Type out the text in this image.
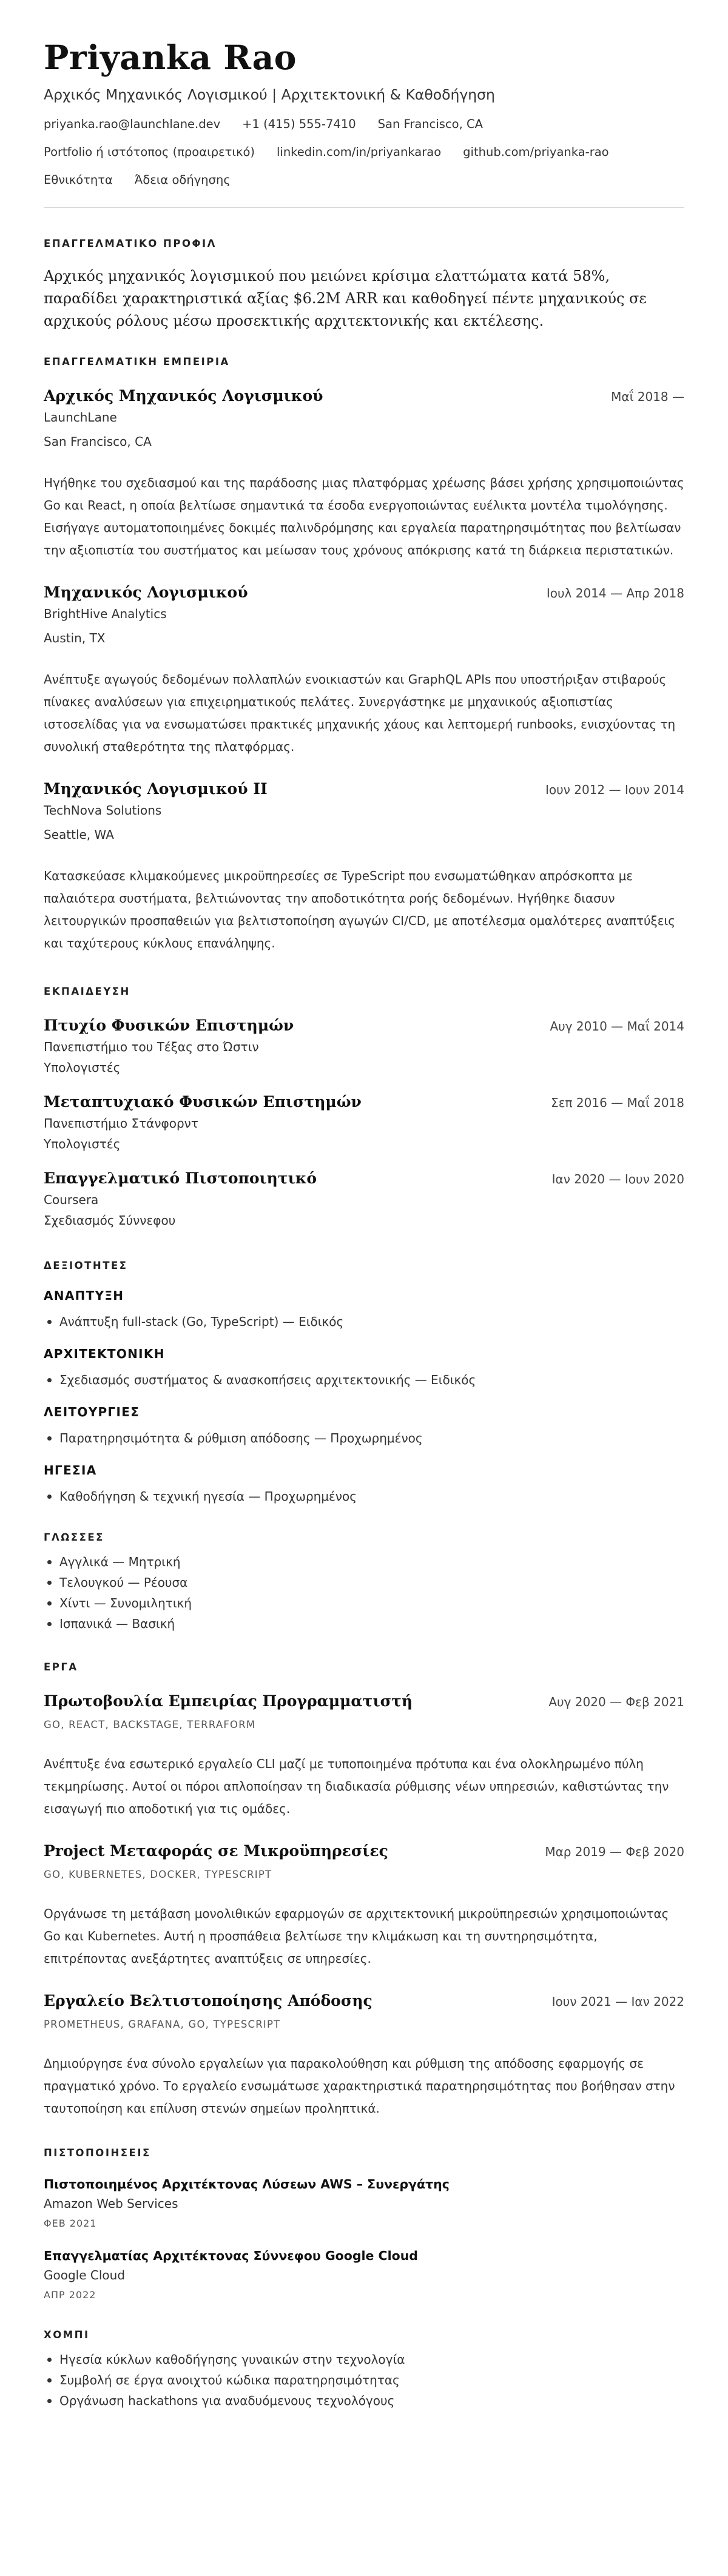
Priyanka Rao
Αρχικός Μηχανικός Λογισμικού | Αρχιτεκτονική & Καθοδήγηση
priyanka.rao@launchlane.dev +1 (415) 555-7410 San Francisco, CA
Portfolio ή ιστότοπος (προαιρετικό) linkedin.com/in/priyankarao github.com/priyanka-rao
Εθνικότητα Άδεια οδήγησης
ΕΠΑΓΓΕΛΜΑΤΙΚΟ ΠΡΟΦΙΛ

Αρχικός μηχανικός λογισμικού που μειώνει κρίσιμα ελαττώματα κατά 58%, παραδίδει χαρακτηριστικά αξίας $6.2M ARR και καθοδηγεί πέντε μηχανικούς σε αρχικούς ρόλους μέσω προσεκτικής αρχιτεκτονικής και εκτέλεσης.

ΕΠΑΓΓΕΛΜΑΤΙΚΗ ΕΜΠΕΙΡΙΑ
Αρχικός Μηχανικός Λογισμικού	Μαΐ 2018 —
LaunchLane
San Francisco, CA

Ηγήθηκε του σχεδιασμού και της παράδοσης μιας πλατφόρμας χρέωσης βάσει χρήσης χρησιμοποιώντας Go και React, η οποία βελτίωσε σημαντικά τα έσοδα ενεργοποιώντας ευέλικτα μοντέλα τιμολόγησης. Εισήγαγε αυτοματοποιημένες δοκιμές παλινδρόμησης και εργαλεία παρατηρησιμότητας που βελτίωσαν την αξιοπιστία του συστήματος και μείωσαν τους χρόνους απόκρισης κατά τη διάρκεια περιστατικών.

Μηχανικός Λογισμικού	Ιουλ 2014 — Απρ 2018
BrightHive Analytics
Austin, TX

Ανέπτυξε αγωγούς δεδομένων πολλαπλών ενοικιαστών και GraphQL APIs που υποστήριξαν στιβαρούς πίνακες αναλύσεων για επιχειρηματικούς πελάτες. Συνεργάστηκε με μηχανικούς αξιοπιστίας ιστοσελίδας για να ενσωματώσει πρακτικές μηχανικής χάους και λεπτομερή runbooks, ενισχύοντας τη συνολική σταθερότητα της πλατφόρμας.

Μηχανικός Λογισμικού II	Ιουν 2012 — Ιουν 2014
TechNova Solutions
Seattle, WA

Κατασκεύασε κλιμακούμενες μικροϋπηρεσίες σε TypeScript που ενσωματώθηκαν απρόσκοπτα με παλαιότερα συστήματα, βελτιώνοντας την αποδοτικότητα ροής δεδομένων. Ηγήθηκε διασυν λειτουργικών προσπαθειών για βελτιστοποίηση αγωγών CI/CD, με αποτέλεσμα ομαλότερες αναπτύξεις και ταχύτερους κύκλους επανάληψης.

ΕΚΠΑΙΔΕΥΣΗ
Πτυχίο Φυσικών Επιστημών	Αυγ 2010 — Μαΐ 2014
Πανεπιστήμιο του Τέξας στο Ώστιν
Υπολογιστές
Μεταπτυχιακό Φυσικών Επιστημών	Σεπ 2016 — Μαΐ 2018
Πανεπιστήμιο Στάνφορντ
Υπολογιστές
Επαγγελματικό Πιστοποιητικό	Ιαν 2020 — Ιουν 2020
Coursera
Σχεδιασμός Σύννεφου
ΔΕΞΙΟΤΗΤΕΣ
ΑΝΑΠΤΥΞΗ
Ανάπτυξη full-stack (Go, TypeScript) — Ειδικός
ΑΡΧΙΤΕΚΤΟΝΙΚΗ
Σχεδιασμός συστήματος & ανασκοπήσεις αρχιτεκτονικής — Ειδικός
ΛΕΙΤΟΥΡΓΙΕΣ
Παρατηρησιμότητα & ρύθμιση απόδοσης — Προχωρημένος
ΗΓΕΣΙΑ
Καθοδήγηση & τεχνική ηγεσία — Προχωρημένος
ΓΛΩΣΣΕΣ
Αγγλικά — Μητρική
Τελουγκού — Ρέουσα
Χίντι — Συνομιλητική
Ισπανικά — Βασική
ΕΡΓΑ
Πρωτοβουλία Εμπειρίας Προγραμματιστή	Αυγ 2020 — Φεβ 2021
GO, REACT, BACKSTAGE, TERRAFORM

Ανέπτυξε ένα εσωτερικό εργαλείο CLI μαζί με τυποποιημένα πρότυπα και ένα ολοκληρωμένο πύλη τεκμηρίωσης. Αυτοί οι πόροι απλοποίησαν τη διαδικασία ρύθμισης νέων υπηρεσιών, καθιστώντας την εισαγωγή πιο αποδοτική για τις ομάδες.

Project Μεταφοράς σε Μικροϋπηρεσίες	Μαρ 2019 — Φεβ 2020
GO, KUBERNETES, DOCKER, TYPESCRIPT

Οργάνωσε τη μετάβαση μονολιθικών εφαρμογών σε αρχιτεκτονική μικροϋπηρεσιών χρησιμοποιώντας Go και Kubernetes. Αυτή η προσπάθεια βελτίωσε την κλιμάκωση και τη συντηρησιμότητα, επιτρέποντας ανεξάρτητες αναπτύξεις σε υπηρεσίες.

Εργαλείο Βελτιστοποίησης Απόδοσης	Ιουν 2021 — Ιαν 2022
PROMETHEUS, GRAFANA, GO, TYPESCRIPT

Δημιούργησε ένα σύνολο εργαλείων για παρακολούθηση και ρύθμιση της απόδοσης εφαρμογής σε πραγματικό χρόνο. Το εργαλείο ενσωμάτωσε χαρακτηριστικά παρατηρησιμότητας που βοήθησαν στην ταυτοποίηση και επίλυση στενών σημείων προληπτικά.

ΠΙΣΤΟΠΟΙΗΣΕΙΣ
Πιστοποιημένος Αρχιτέκτονας Λύσεων AWS – Συνεργάτης
Amazon Web Services
ΦΕΒ 2021
Επαγγελματίας Αρχιτέκτονας Σύννεφου Google Cloud
Google Cloud
ΑΠΡ 2022
ΧΟΜΠΙ
Ηγεσία κύκλων καθοδήγησης γυναικών στην τεχνολογία
Συμβολή σε έργα ανοιχτού κώδικα παρατηρησιμότητας
Οργάνωση hackathons για αναδυόμενους τεχνολόγους
